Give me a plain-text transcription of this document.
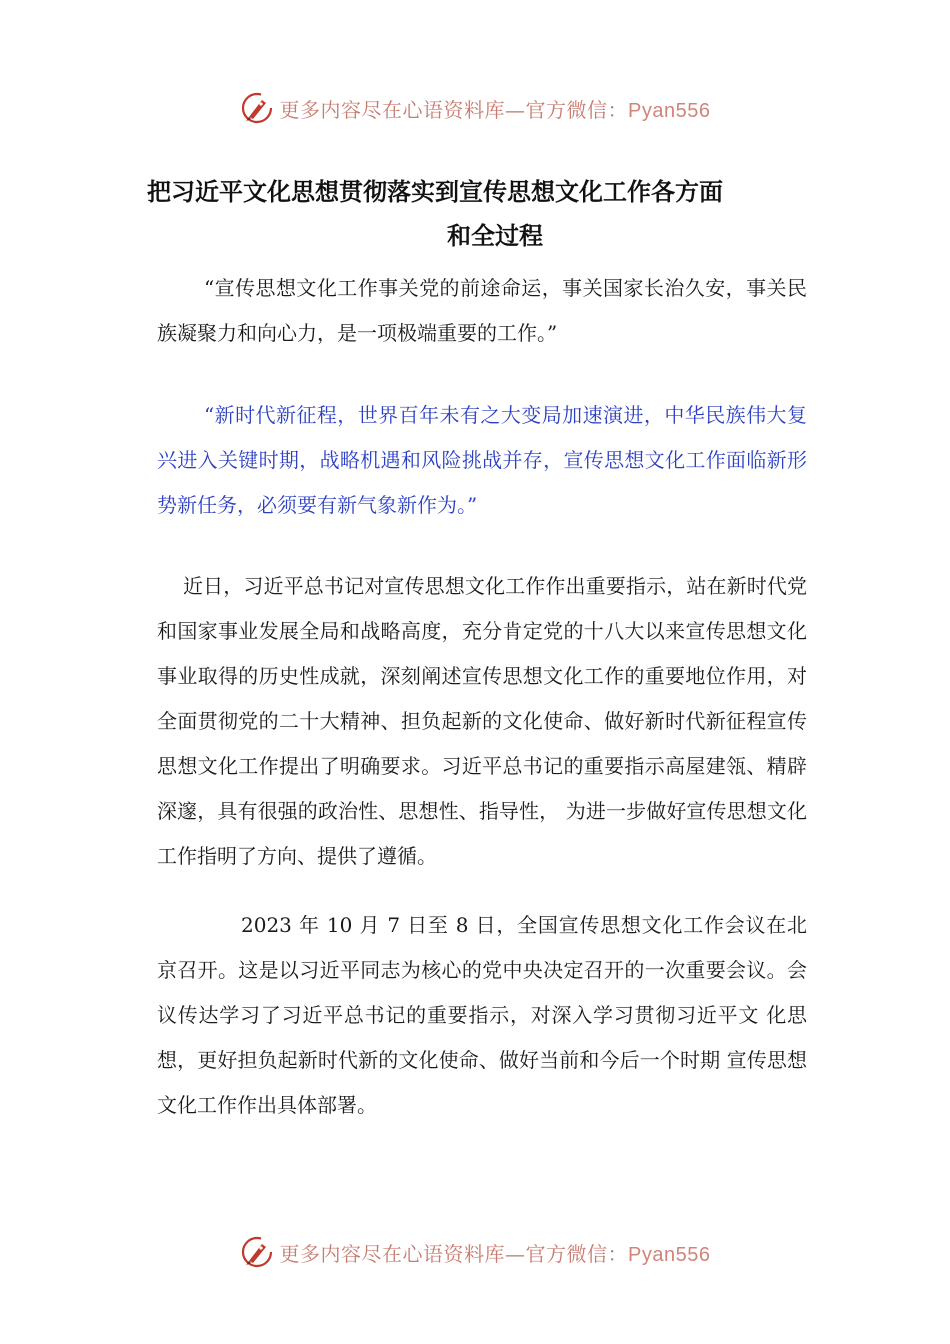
更多内容尽在心语资料库—官方微信：Pyan556
把习近平文化思想贯彻落实到宣传思想文化工作各方面
和全过程

“宣传思想文化工作事关党的前途命运，事关国家长治久安，事关民族凝聚力和向心力，是一项极端重要的工作。”

“新时代新征程，世界百年未有之大变局加速演进，中华民族伟大复兴进入关键时期，战略机遇和风险挑战并存，宣传思想文化工作面临新形势新任务，必须要有新气象新作为。”

近日，习近平总书记对宣传思想文化工作作出重要指示，站在新时代党和国家事业发展全局和战略高度，充分肯定党的十八大以来宣传思想文化事业取得的历史性成就，深刻阐述宣传思想文化工作的重要地位作用，对全面贯彻党的二十大精神、担负起新的文化使命、做好新时代新征程宣传思想文化工作提出了明确要求。习近平总书记的重要指示高屋建瓴、精辟深邃，具有很强的政治性、思想性、指导性， 为进一步做好宣传思想文化工作指明了方向、提供了遵循。

2023 年 10 月 7 日至 8 日，全国宣传思想文化工作会议在北京召开。这是以习近平同志为核心的党中央决定召开的一次重要会议。会议传达学习了习近平总书记的重要指示，对深入学习贯彻习近平文 化思想，更好担负起新时代新的文化使命、做好当前和今后一个时期 宣传思想文化工作作出具体部署。

更多内容尽在心语资料库—官方微信：Pyan556
